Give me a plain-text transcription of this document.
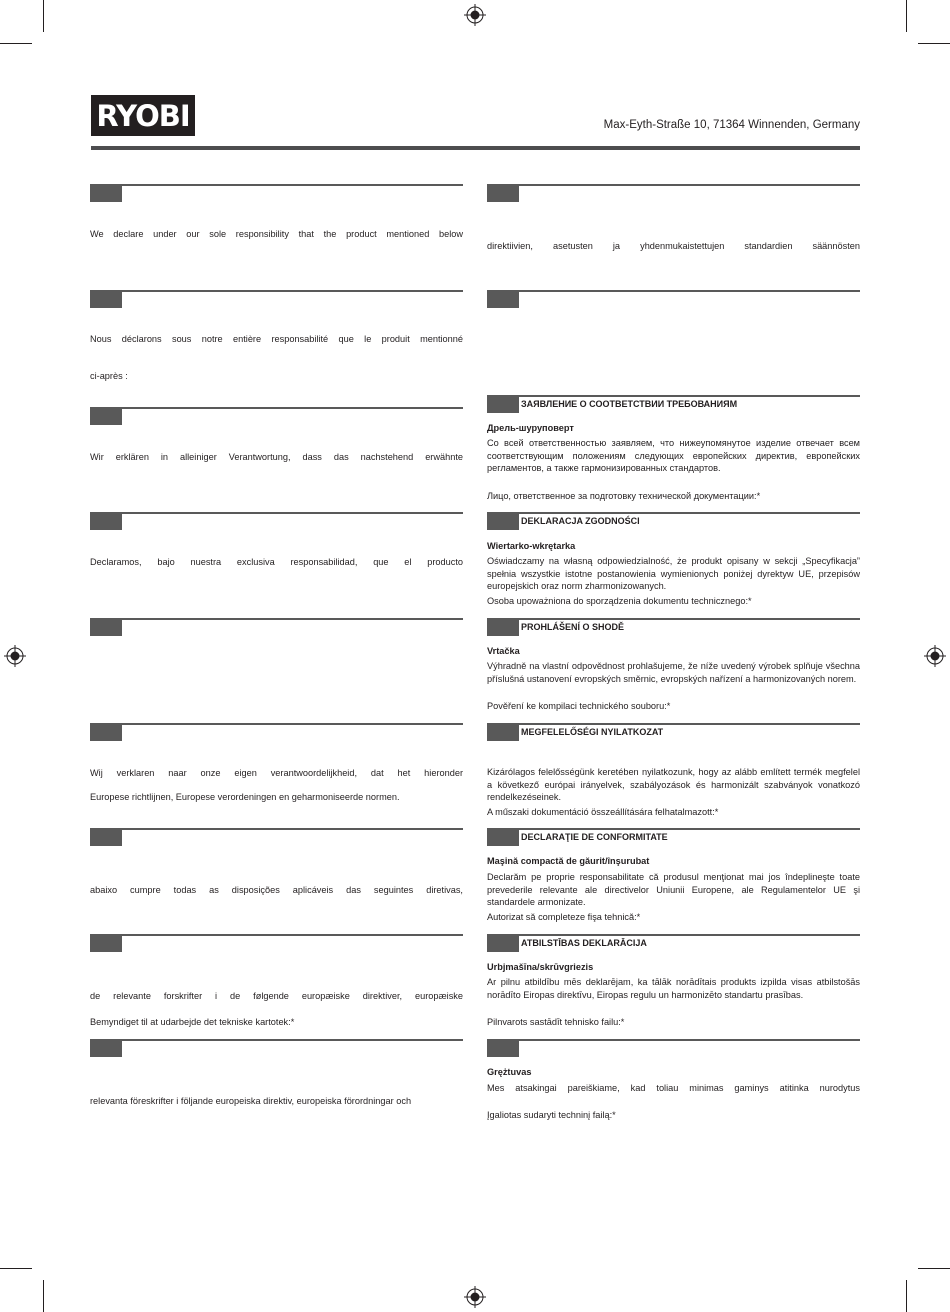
RYOBI	Max-Eyth-Straße 10, 71364 Winnenden, Germany

We declare under our sole responsibility that the product mentioned below

Nous déclarons sous notre entière responsabilité que le produit mentionné

ci-après :

Wir erklären in alleiniger Verantwortung, dass das nachstehend erwähnte

Declaramos, bajo nuestra exclusiva responsabilidad, que el producto

Wij verklaren naar onze eigen verantwoordelijkheid, dat het hieronder

Europese richtlijnen, Europese verordeningen en geharmoniseerde normen.

abaixo cumpre todas as disposições aplicáveis das seguintes diretivas,

de relevante forskrifter i de følgende europæiske direktiver, europæiske

Bemyndiget til at udarbejde det tekniske kartotek:*

relevanta föreskrifter i följande europeiska direktiv, europeiska förordningar och

direktiivien, asetusten ja yhdenmukaistettujen standardien säännösten

ЗАЯВЛЕНИЕ О СООТВЕТСТВИИ ТРЕБОВАНИЯМ
Дрель-шуруповерт

Со всей ответственностью заявляем, что нижеупомянутое изделие отвечает всем соответствующим положениям следующих европейских директив, европейских регламентов, а также гармонизированных стандартов.

Лицо, ответственное за подготовку технической документации:*

DEKLARACJA ZGODNOŚCI
Wiertarko-wkrętarka

Oświadczamy na własną odpowiedzialność, że produkt opisany w sekcji „Specyfikacja” spełnia wszystkie istotne postanowienia wymienionych poniżej dyrektyw UE, przepisów europejskich oraz norm zharmonizowanych.

Osoba upoważniona do sporządzenia dokumentu technicznego:*

PROHLÁŠENÍ O SHODĚ
Vrtačka

Výhradně na vlastní odpovědnost prohlašujeme, že níže uvedený výrobek splňuje všechna příslušná ustanovení evropských směrnic, evropských nařízení a harmonizovaných norem.

Pověření ke kompilaci technického souboru:*

MEGFELELŐSÉGI NYILATKOZAT

Kizárólagos felelősségünk keretében nyilatkozunk, hogy az alább említett termék megfelel a következő európai irányelvek, szabályozások és harmonizált szabványok vonatkozó rendelkezéseinek.

A műszaki dokumentáció összeállítására felhatalmazott:*

DECLARAŢIE DE CONFORMITATE
Maşină compactă de găurit/înşurubat

Declarăm pe proprie responsabilitate că produsul menţionat mai jos îndeplineşte toate prevederile relevante ale directivelor Uniunii Europene, ale Regulamentelor UE şi standardele armonizate.

Autorizat să completeze fişa tehnică:*

ATBILSTĪBAS DEKLARĀCIJA
Urbjmašīna/skrūvgriezis

Ar pilnu atbildību mēs deklarējam, ka tālāk norādītais produkts izpilda visas atbilstošās norādīto Eiropas direktīvu, Eiropas regulu un harmonizēto standartu prasības.

Pilnvarots sastādīt tehnisko failu:*

Grężtuvas

Mes atsakingai pareiškiame, kad toliau minimas gaminys atitinka nurodytus

Įgaliotas sudaryti techninį failą:*
